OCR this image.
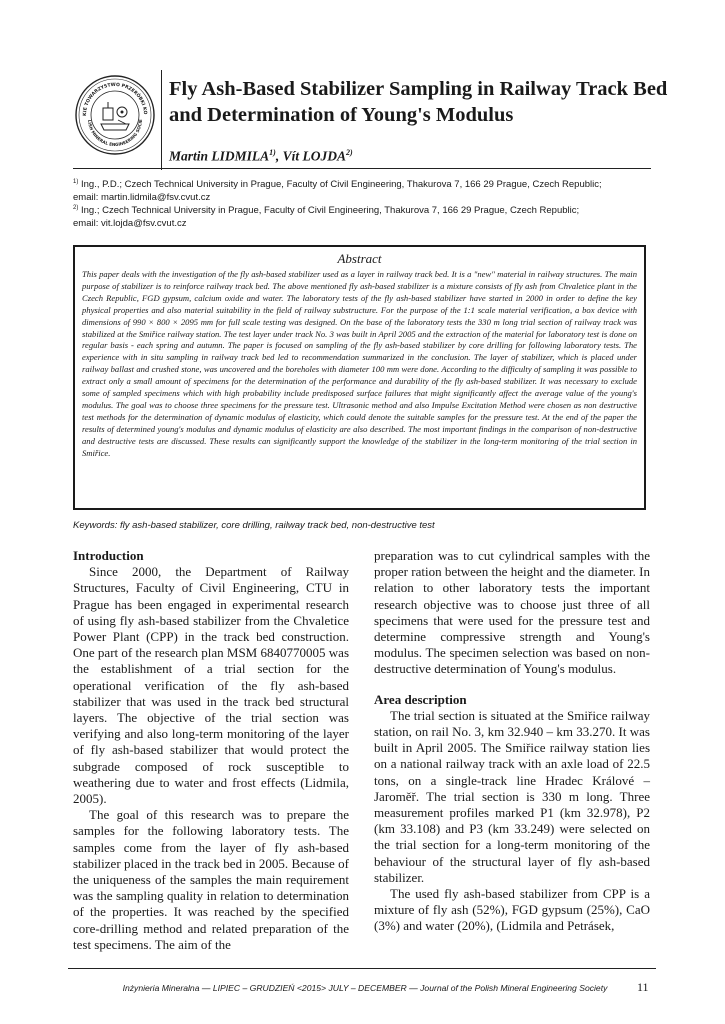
KIE TOWARZYSTWO PRZERÓBKI KO
LISH MINERAL ENGINEERING SOCIE
Fly Ash-Based Stabilizer Sampling in Railway Track Bed and Determination of Young's Modulus
Martin LIDMILA$^{1)}$, Vít LOJDA$^{2)}$
$^{1)}$ Ing., P.D.; Czech Technical University in Prague, Faculty of Civil Engineering, Thakurova 7, 166 29 Prague, Czech Republic;
email: martin.lidmila@fsv.cvut.cz
$^{2)}$ Ing.; Czech Technical University in Prague, Faculty of Civil Engineering, Thakurova 7, 166 29 Prague, Czech Republic;
email: vit.lojda@fsv.cvut.cz
Abstract

This paper deals with the investigation of the fly ash-based stabilizer used as a layer in railway track bed. It is a "new" material in railway structures. The main purpose of stabilizer is to reinforce railway track bed. The above mentioned fly ash-based stabilizer is a mixture consists of fly ash from Chvaletice plant in the Czech Republic, FGD gypsum, calcium oxide and water. The laboratory tests of the fly ash-based stabilizer have started in 2000 in order to define the key physical properties and also material suitability in the field of railway substructure. For the purpose of the 1:1 scale material verification, a box device with dimensions of 990 × 800 × 2095 mm for full scale testing was designed. On the base of the laboratory tests the 330 m long trial section of railway track was stabilized at the Smiřice railway station. The test layer under track No. 3 was built in April 2005 and the extraction of the material for laboratory test is done on regular basis - each spring and autumn. The paper is focused on sampling of the fly ash-based stabilizer by core drilling for following laboratory tests. The experience with in situ sampling in railway track bed led to recommendation summarized in the conclusion. The layer of stabilizer, which is placed under railway ballast and crushed stone, was uncovered and the boreholes with diameter 100 mm were done. According to the difficulty of sampling it was possible to extract only a small amount of specimens for the determination of the performance and durability of the fly ash-based stabilizer. It was necessary to exclude some of sampled specimens which with high probability include predisposed surface failures that might significantly affect the average value of the young's modulus. The goal was to choose three specimens for the pressure test. Ultrasonic method and also Impulse Excitation Method were chosen as non destructive test methods for the determination of dynamic modulus of elasticity, which could denote the suitable samples for the pressure test. At the end of the paper the results of determined young's modulus and dynamic modulus of elasticity are also described. The most important findings in the comparison of non-destructive and destructive tests are discussed. These results can significantly support the knowledge of the stabilizer in the long-term monitoring of the trial section in Smiřice.

Keywords: fly ash-based stabilizer, core drilling, railway track bed, non-destructive test
Introduction

Since 2000, the Department of Railway Structures, Faculty of Civil Engineering, CTU in Prague has been engaged in experimental research of using fly ash-based stabilizer from the Chvaletice Power Plant (CPP) in the track bed construction. One part of the research plan MSM 6840770005 was the establishment of a trial section for the operational verification of the fly ash-based stabilizer that was used in the track bed structural layers. The objective of the trial section was verifying and also long-term monitoring of the layer of fly ash-based stabilizer that would protect the subgrade composed of rock susceptible to weathering due to water and frost effects (Lidmila, 2005).

The goal of this research was to prepare the samples for the following laboratory tests. The samples come from the layer of fly ash-based stabilizer placed in the track bed in 2005. Because of the uniqueness of the samples the main requirement was the sampling quality in relation to determination of the properties. It was reached by the specified core-drilling method and related preparation of the test specimens. The aim of the

preparation was to cut cylindrical samples with the proper ration between the height and the diameter. In relation to other laboratory tests the important research objective was to choose just three of all specimens that were used for the pressure test and determine compressive strength and Young's modulus. The specimen selection was based on non-destructive determination of Young's modulus.

Area description

The trial section is situated at the Smiřice railway station, on rail No. 3, km 32.940 – km 33.270. It was built in April 2005. The Smiřice railway station lies on a national railway track with an axle load of 22.5 tons, on a single-track line Hradec Králové – Jaroměř. The trial section is 330 m long. Three measurement profiles marked P1 (km 32.978), P2 (km 33.108) and P3 (km 33.249) were selected on the trial section for a long-term monitoring of the behaviour of the structural layer of fly ash-based stabilizer.

The used fly ash-based stabilizer from CPP is a mixture of fly ash (52%), FGD gypsum (25%), CaO (3%) and water (20%), (Lidmila and Petrásek,

Inżynieria Mineralna — LIPIEC – GRUDZIEŃ <2015> JULY – DECEMBER — Journal of the Polish Mineral Engineering Society	11
